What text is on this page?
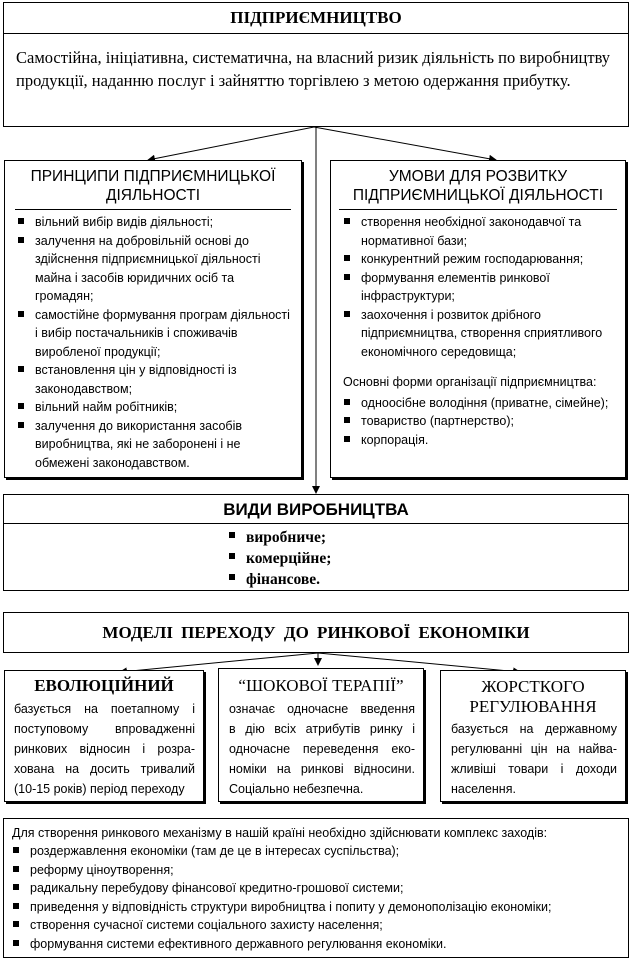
ПІДПРИЄМНИЦТВО
Самостійна, ініціативна, систематична, на власний ризик діяльність по виробництву продукції, наданню послуг і зайняттю торгівлею з метою одержання прибутку.
ПРИНЦИПИ ПІДПРИЄМНИЦЬКОЇ ДІЯЛЬНОСТІ
вільний вибір видів діяльності;
залучення на добровільній основі до здійснення підприємницької діяльності майна і засобів юридичних осіб та громадян;
самостійне формування програм діяльності і вибір постачальників і споживачів виробленої продукції;
встановлення цін у відповідності із законодавством;
вільний найм робітників;
залучення до використання засобів виробництва, які не заборонені і не обмежені законодавством.
УМОВИ ДЛЯ РОЗВИТКУ ПІДПРИЄМНИЦЬКОЇ ДІЯЛЬНОСТІ
створення необхідної законодавчої та нормативної бази;
конкурентний режим господарювання;
формування елементів ринкової інфраструктури;
заохочення і розвиток дрібного підприємництва, створення сприятливого економічного середовища;
Основні форми організації підприємництва:
одноосібне володіння (приватне, сімейне);
товариство (партнерство);
корпорація.
ВИДИ ВИРОБНИЦТВА
виробниче;
комерційне;
фінансове.
МОДЕЛІ ПЕРЕХОДУ ДО РИНКОВОЇ ЕКОНОМІКИ
ЕВОЛЮЦІЙНИЙ
базується на поетапному і
поступовому впровадженні
ринкових відносин і розра-
хована на досить тривалий
(10-15 років) період переходу
“ШОКОВОЇ ТЕРАПІЇ”
означає одночасне введення
в дію всіх атрибутів ринку і
одночасне переведення еко-
номіки на ринкові відносини.
Соціально небезпечна.
ЖОРСТКОГО
РЕГУЛЮВАННЯ
базується на державному
регулюванні цін на найва-
жливіші товари і доходи
населення.
Для створення ринкового механізму в нашій країні необхідно здійснювати комплекс заходів:
роздержавлення економіки (там де це в інтересах суспільства);
реформу ціноутворення;
радикальну перебудову фінансової кредитно-грошової системи;
приведення у відповідність структури виробництва і попиту у демонополізацію економіки;
створення сучасної системи соціального захисту населення;
формування системи ефективного державного регулювання економіки.
